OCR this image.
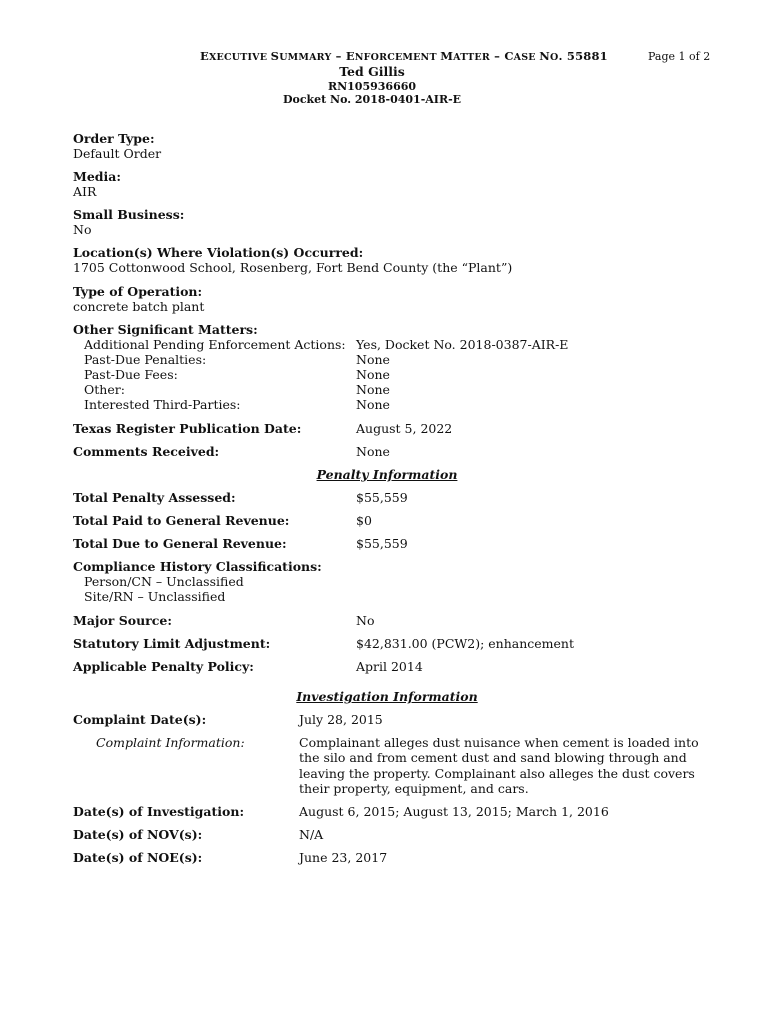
EXECUTIVE SUMMARY – ENFORCEMENT MATTER – CASE NO. 55881	Page 1 of 2
Ted Gillis
RN105936660
Docket No. 2018-0401-AIR-E
Order Type:
Default Order
Media:
AIR
Small Business:
No
Location(s) Where Violation(s) Occurred:
1705 Cottonwood School, Rosenberg, Fort Bend County (the “Plant”)
Type of Operation:
concrete batch plant
Other Significant Matters:
Additional Pending Enforcement Actions: Yes, Docket No. 2018-0387-AIR-E
Past-Due Penalties:	None
Past-Due Fees:	None
Other:	None
Interested Third-Parties:	None
Texas Register Publication Date:	August 5, 2022
Comments Received:	None
Penalty Information
Total Penalty Assessed:	$55,559
Total Paid to General Revenue:	$0
Total Due to General Revenue:	$55,559
Compliance History Classifications:
Person/CN – Unclassified
Site/RN – Unclassified
Major Source:	No
Statutory Limit Adjustment:	$42,831.00 (PCW2); enhancement
Applicable Penalty Policy:	April 2014
Investigation Information
Complaint Date(s):	July 28, 2015
Complaint Information:	Complainant alleges dust nuisance when cement is loaded into
the silo and from cement dust and sand blowing through and
leaving the property. Complainant also alleges the dust covers
their property, equipment, and cars.
Date(s) of Investigation:	August 6, 2015; August 13, 2015; March 1, 2016
Date(s) of NOV(s):	N/A
Date(s) of NOE(s):	June 23, 2017
